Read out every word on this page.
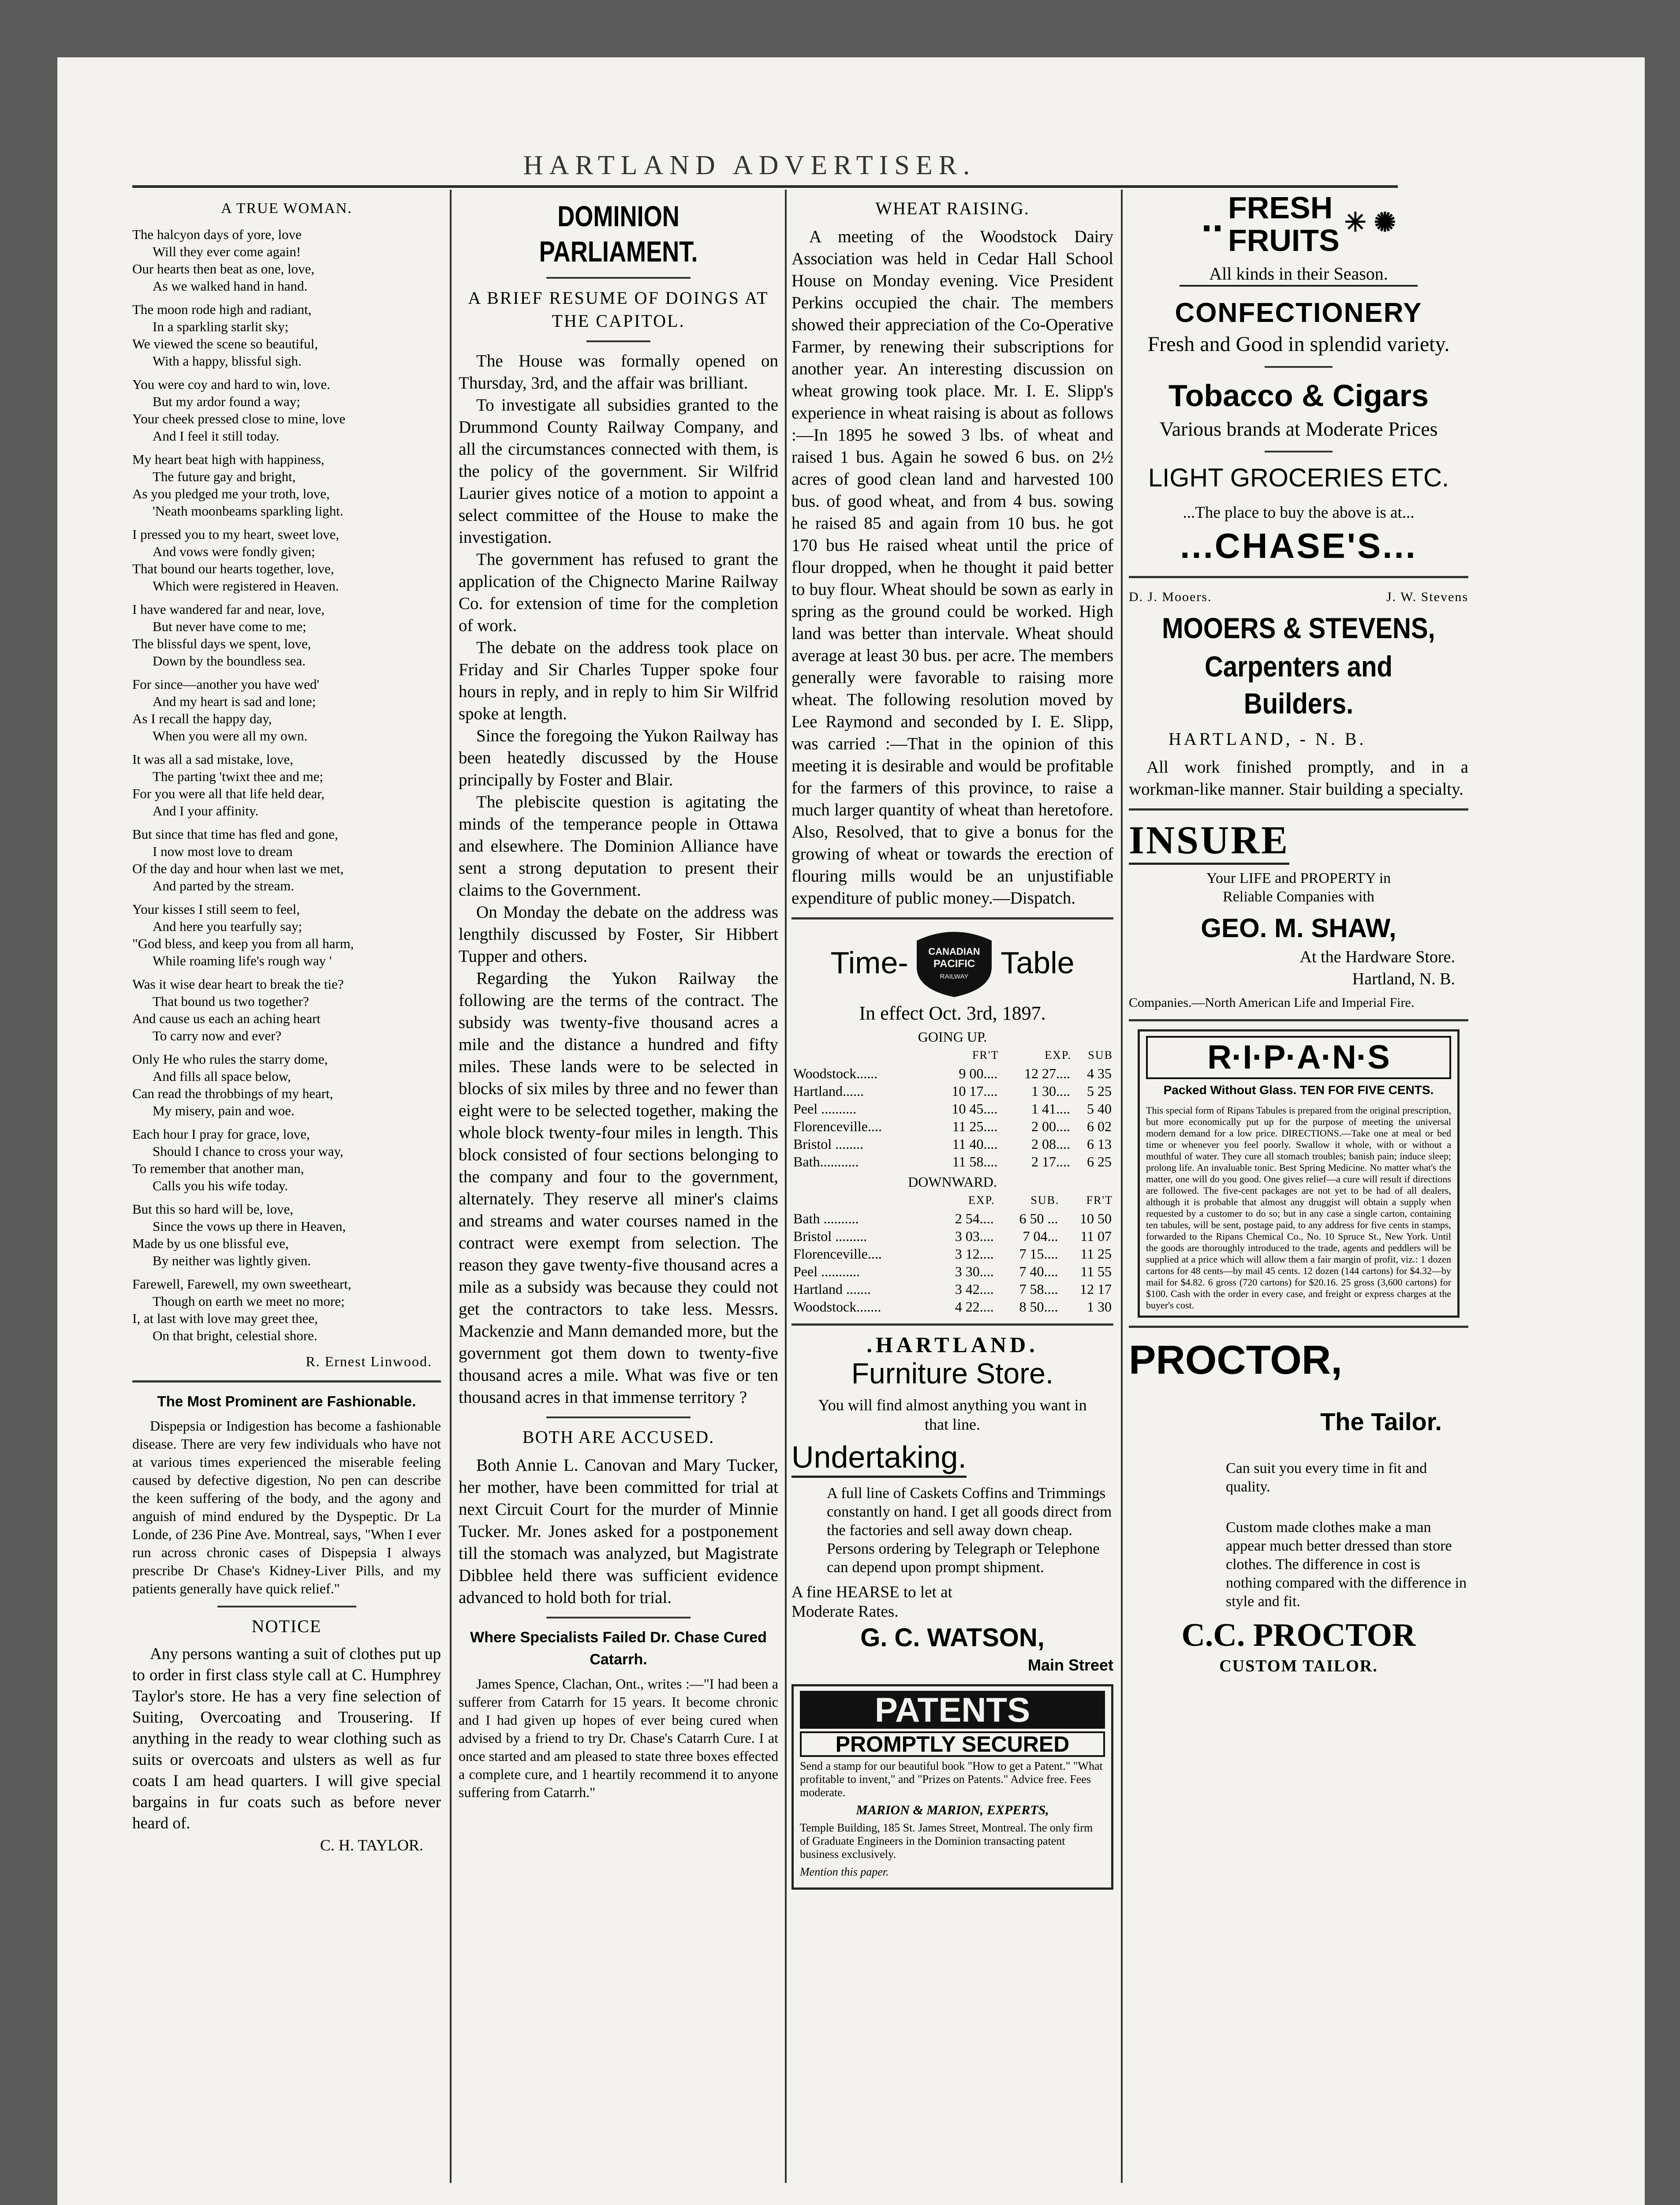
HARTLAND ADVERTISER.
A TRUE WOMAN.

The halcyon days of yore, love

Will they ever come again!

Our hearts then beat as one, love,

As we walked hand in hand.

The moon rode high and radiant,

In a sparkling starlit sky;

We viewed the scene so beautiful,

With a happy, blissful sigh.

You were coy and hard to win, love.

But my ardor found a way;

Your cheek pressed close to mine, love

And I feel it still today.

My heart beat high with happiness,

The future gay and bright,

As you pledged me your troth, love,

'Neath moonbeams sparkling light.

I pressed you to my heart, sweet love,

And vows were fondly given;

That bound our hearts together, love,

Which were registered in Heaven.

I have wandered far and near, love,

But never have come to me;

The blissful days we spent, love,

Down by the boundless sea.

For since—another you have wed'

And my heart is sad and lone;

As I recall the happy day,

When you were all my own.

It was all a sad mistake, love,

The parting 'twixt thee and me;

For you were all that life held dear,

And I your affinity.

But since that time has fled and gone,

I now most love to dream

Of the day and hour when last we met,

And parted by the stream.

Your kisses I still seem to feel,

And here you tearfully say;

"God bless, and keep you from all harm,

While roaming life's rough way '

Was it wise dear heart to break the tie?

That bound us two together?

And cause us each an aching heart

To carry now and ever?

Only He who rules the starry dome,

And fills all space below,

Can read the throbbings of my heart,

My misery, pain and woe.

Each hour I pray for grace, love,

Should I chance to cross your way,

To remember that another man,

Calls you his wife today.

But this so hard will be, love,

Since the vows up there in Heaven,

Made by us one blissful eve,

By neither was lightly given.

Farewell, Farewell, my own sweetheart,

Though on earth we meet no more;

I, at last with love may greet thee,

On that bright, celestial shore.

R. Ernest Linwood.
The Most Prominent are Fashionable.

Dispepsia or Indigestion has become a fashionable disease. There are very few individuals who have not at various times experienced the miserable feeling caused by defective digestion, No pen can describe the keen suffering of the body, and the agony and anguish of mind endured by the Dyspeptic. Dr La Londe, of 236 Pine Ave. Montreal, says, "When I ever run across chronic cases of Dispepsia I always prescribe Dr Chase's Kidney-Liver Pills, and my patients generally have quick relief."

NOTICE

Any persons wanting a suit of clothes put up to order in first class style call at C. Humphrey Taylor's store. He has a very fine selection of Suiting, Overcoating and Trousering. If anything in the ready to wear clothing such as suits or overcoats and ulsters as well as fur coats I am head quarters. I will give special bargains in fur coats such as before never heard of.

C. H. TAYLOR.
DOMINION PARLIAMENT.
A BRIEF RESUME OF DOINGS AT THE CAPITOL.

The House was formally opened on Thursday, 3rd, and the affair was brilliant.

To investigate all subsidies granted to the Drummond County Railway Company, and all the circumstances connected with them, is the policy of the government. Sir Wilfrid Laurier gives notice of a motion to appoint a select committee of the House to make the investigation.

The government has refused to grant the application of the Chignecto Marine Railway Co. for extension of time for the completion of work.

The debate on the address took place on Friday and Sir Charles Tupper spoke four hours in reply, and in reply to him Sir Wilfrid spoke at length.

Since the foregoing the Yukon Railway has been heatedly discussed by the House principally by Foster and Blair.

The plebiscite question is agitating the minds of the temperance people in Ottawa and elsewhere. The Dominion Alliance have sent a strong deputation to present their claims to the Government.

On Monday the debate on the address was lengthily discussed by Foster, Sir Hibbert Tupper and others.

Regarding the Yukon Railway the following are the terms of the contract. The subsidy was twenty-five thousand acres a mile and the distance a hundred and fifty miles. These lands were to be selected in blocks of six miles by three and no fewer than eight were to be selected together, making the whole block twenty-four miles in length. This block consisted of four sections belonging to the company and four to the government, alternately. They reserve all miner's claims and streams and water courses named in the contract were exempt from selection. The reason they gave twenty-five thousand acres a mile as a subsidy was because they could not get the contractors to take less. Messrs. Mackenzie and Mann demanded more, but the government got them down to twenty-five thousand acres a mile. What was five or ten thousand acres in that immense territory ?

BOTH ARE ACCUSED.

Both Annie L. Canovan and Mary Tucker, her mother, have been committed for trial at next Circuit Court for the murder of Minnie Tucker. Mr. Jones asked for a postponement till the stomach was analyzed, but Magistrate Dibblee held there was sufficient evidence advanced to hold both for trial.

Where Specialists Failed Dr. Chase Cured Catarrh.

James Spence, Clachan, Ont., writes :—"I had been a sufferer from Catarrh for 15 years. It become chronic and I had given up hopes of ever being cured when advised by a friend to try Dr. Chase's Catarrh Cure. I at once started and am pleased to state three boxes effected a complete cure, and 1 heartily recommend it to anyone suffering from Catarrh."

WHEAT RAISING.

A meeting of the Woodstock Dairy Association was held in Cedar Hall School House on Monday evening. Vice President Perkins occupied the chair. The members showed their appreciation of the Co-Operative Farmer, by renewing their subscriptions for another year. An interesting discussion on wheat growing took place. Mr. I. E. Slipp's experience in wheat raising is about as follows :—In 1895 he sowed 3 lbs. of wheat and raised 1 bus. Again he sowed 6 bus. on 2½ acres of good clean land and harvested 100 bus. of good wheat, and from 4 bus. sowing he raised 85 and again from 10 bus. he got 170 bus He raised wheat until the price of flour dropped, when he thought it paid better to buy flour. Wheat should be sown as early in spring as the ground could be worked. High land was better than intervale. Wheat should average at least 30 bus. per acre. The members generally were favorable to raising more wheat. The following resolution moved by Lee Raymond and seconded by I. E. Slipp, was carried :—That in the opinion of this meeting it is desirable and would be profitable for the farmers of this province, to raise a much larger quantity of wheat than heretofore. Also, Resolved, that to give a bonus for the growing of wheat or towards the erection of flouring mills would be an unjustifiable expenditure of public money.—Dispatch.

Time- CANADIAN
PACIFIC
RAILWAY Table
In effect Oct. 3rd, 1897.
GOING UP.
	FR'T	EXP.	SUB
Woodstock......	9 00....	12 27....	4 35
Hartland......	10 17....	1 30....	5 25
Peel ..........	10 45....	1 41....	5 40
Florenceville....	11 25....	2 00....	6 02
Bristol ........	11 40....	2 08....	6 13
Bath...........	11 58....	2 17....	6 25
DOWNWARD.
	EXP.	SUB.	FR'T
Bath ..........	2 54....	6 50 ...	10 50
Bristol .........	3 03....	7 04...	11 07
Florenceville....	3 12....	7 15....	11 25
Peel ...........	3 30....	7 40....	11 55
Hartland .......	3 42....	7 58....	12 17
Woodstock.......	4 22....	8 50....	1 30
.HARTLAND.
Furniture Store.
You will find almost anything you want in that line.
Undertaking.

A full line of Caskets Coffins and Trimmings constantly on hand. I get all goods direct from the factories and sell away down cheap. Persons ordering by Telegraph or Telephone can depend upon prompt shipment.

A fine HEARSE to let at Moderate Rates.
G. C. WATSON,
Main Street
PATENTS
PROMPTLY SECURED
Send a stamp for our beautiful book "How to get a Patent." "What profitable to invent," and "Prizes on Patents." Advice free. Fees moderate.
MARION & MARION, EXPERTS,
Temple Building, 185 St. James Street, Montreal. The only firm of Graduate Engineers in the Dominion transacting patent business exclusively.
Mention this paper.
.. FRESH
FRUITS ✳ ✺
All kinds in their Season.
CONFECTIONERY
Fresh and Good in splendid variety.
Tobacco & Cigars
Various brands at Moderate Prices
LIGHT GROCERIES ETC.
...The place to buy the above is at...
...CHASE'S...
D. J. Mooers.	J. W. Stevens
MOOERS & STEVENS,
Carpenters and Builders.
HARTLAND, - N. B.

All work finished promptly, and in a workman-like manner. Stair building a specialty.

INSURE
Your LIFE and PROPERTY in Reliable Companies with
GEO. M. SHAW,
At the Hardware Store.
Hartland, N. B.
Companies.—North American Life and Imperial Fire.
R·I·P·A·N·S
Packed Without Glass. TEN FOR FIVE CENTS.
This special form of Ripans Tabules is prepared from the original prescription, but more economically put up for the purpose of meeting the universal modern demand for a low price. DIRECTIONS.—Take one at meal or bed time or whenever you feel poorly. Swallow it whole, with or without a mouthful of water. They cure all stomach troubles; banish pain; induce sleep; prolong life. An invaluable tonic. Best Spring Medicine. No matter what's the matter, one will do you good. One gives relief—a cure will result if directions are followed. The five-cent packages are not yet to be had of all dealers, although it is probable that almost any druggist will obtain a supply when requested by a customer to do so; but in any case a single carton, containing ten tabules, will be sent, postage paid, to any address for five cents in stamps, forwarded to the Ripans Chemical Co., No. 10 Spruce St., New York. Until the goods are thoroughly introduced to the trade, agents and peddlers will be supplied at a price which will allow them a fair margin of profit, viz.: 1 dozen cartons for 48 cents—by mail 45 cents. 12 dozen (144 cartons) for $4.32—by mail for $4.82. 6 gross (720 cartons) for $20.16. 25 gross (3,600 cartons) for $100. Cash with the order in every case, and freight or express charges at the buyer's cost.
PROCTOR,
The Tailor.
Can suit you every time in fit and quality.
Custom made clothes make a man appear much better dressed than store clothes. The difference in cost is nothing compared with the difference in style and fit.
C.C. PROCTOR
CUSTOM TAILOR.
